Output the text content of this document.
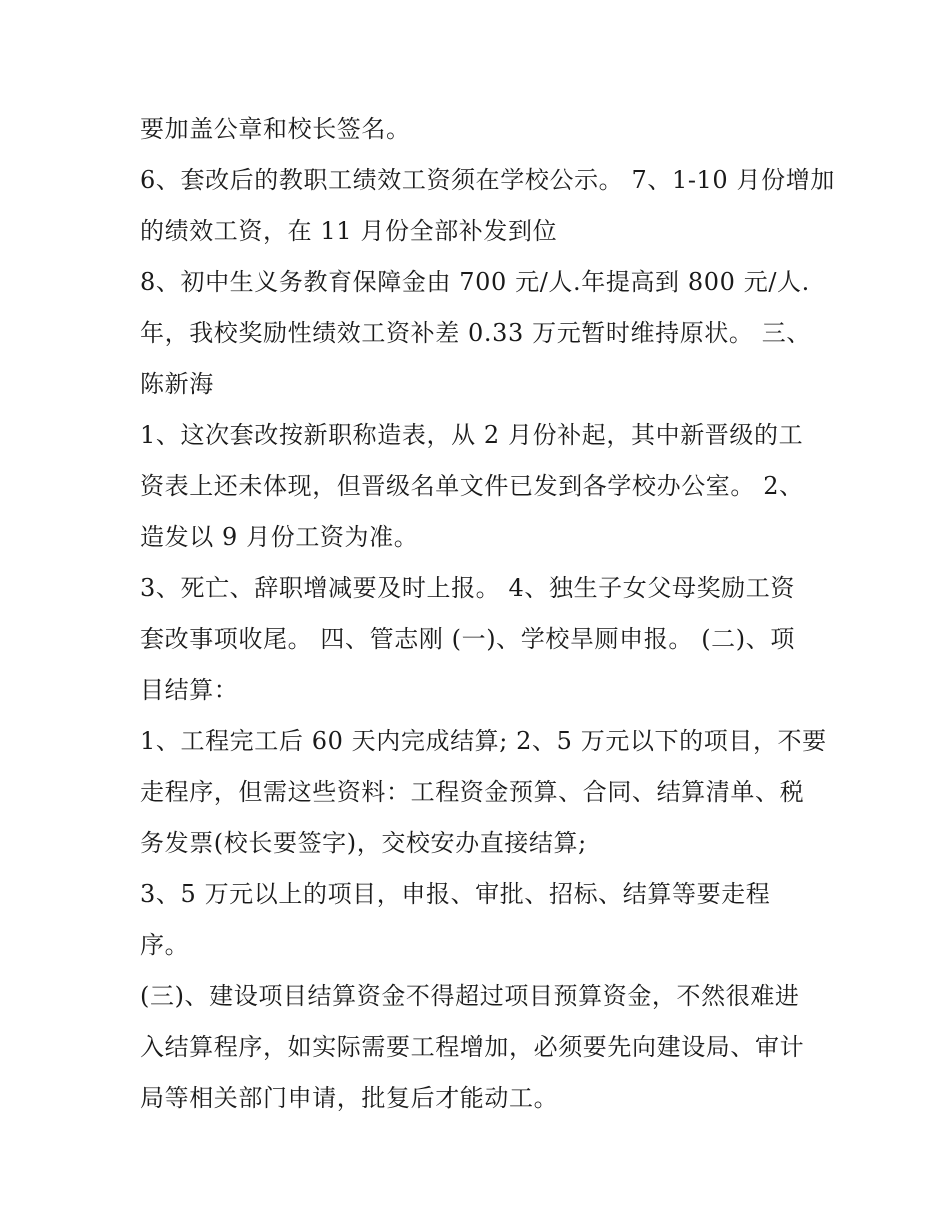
要加盖公章和校长签名。
6、套改后的教职工绩效工资须在学校公示。 7、1-10 月份增加
的绩效工资，在 11 月份全部补发到位
8、初中生义务教育保障金由 700 元/人.年提高到 800 元/人.
年，我校奖励性绩效工资补差 0.33 万元暂时维持原状。 三、
陈新海
1、这次套改按新职称造表，从 2 月份补起，其中新晋级的工
资表上还未体现，但晋级名单文件已发到各学校办公室。 2、
造发以 9 月份工资为准。
3、死亡、辞职增减要及时上报。 4、独生子女父母奖励工资
套改事项收尾。 四、管志刚 (一)、学校旱厕申报。 (二)、项
目结算：
1、工程完工后 60 天内完成结算; 2、5 万元以下的项目，不要
走程序，但需这些资料：工程资金预算、合同、结算清单、税
务发票(校长要签字)，交校安办直接结算;
3、5 万元以上的项目，申报、审批、招标、结算等要走程
序。
(三)、建设项目结算资金不得超过项目预算资金，不然很难进
入结算程序，如实际需要工程增加，必须要先向建设局、审计
局等相关部门申请，批复后才能动工。
